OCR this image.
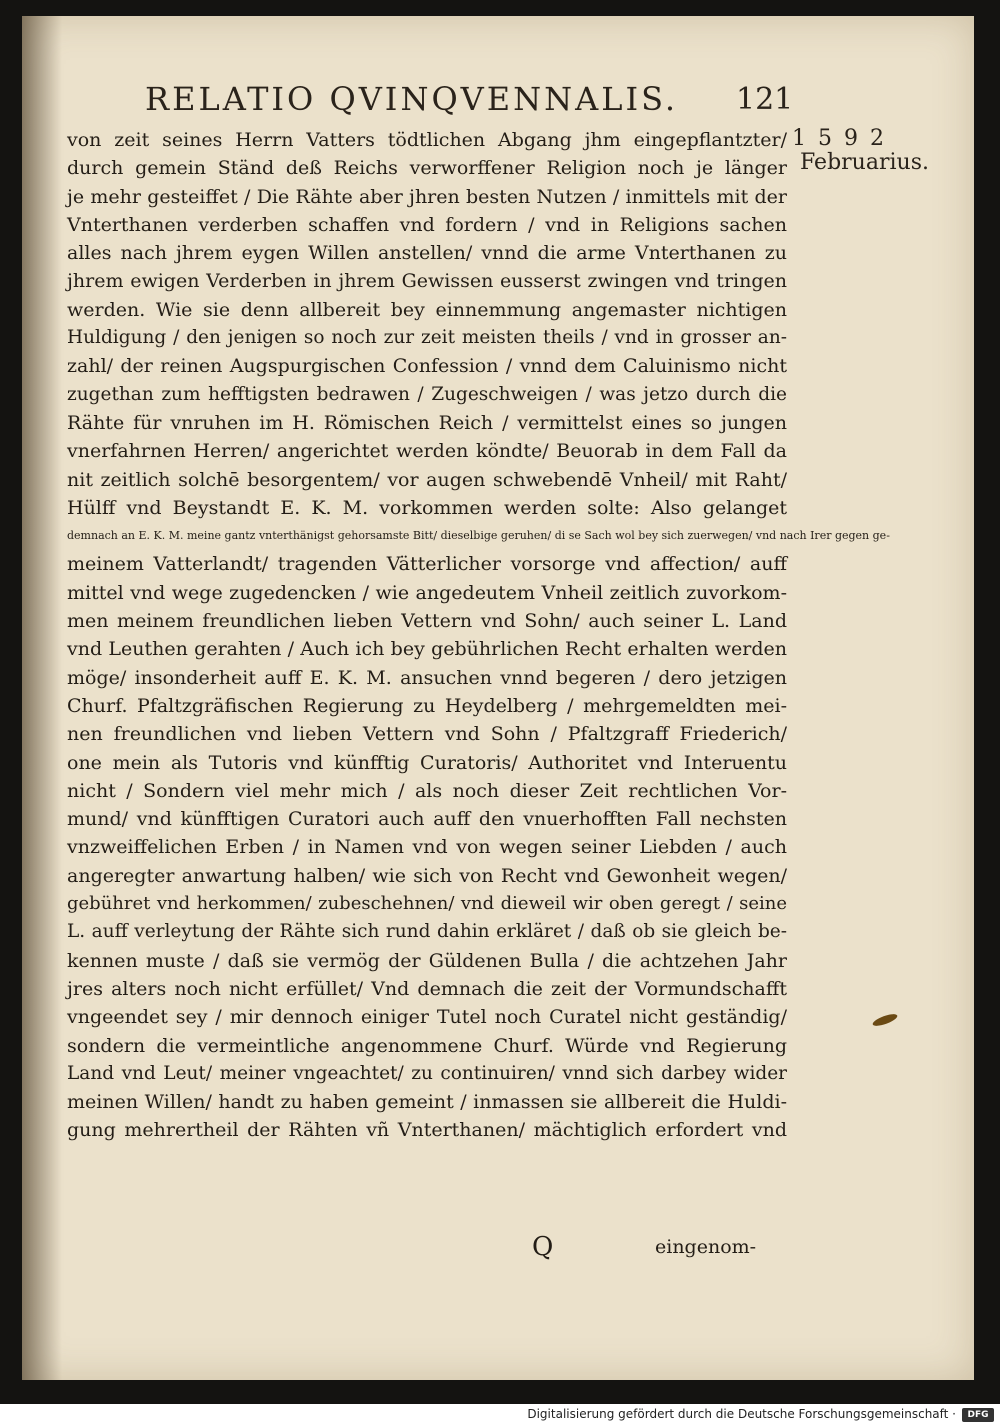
RELATIO QVINQVENNALIS. 121
1592
Februarius.
von zeit seines Herrn Vatters tödtlichen Abgang jhm eingepflantzter/
durch gemein Ständ deß Reichs verworffener Religion noch je länger
je mehr gesteiffet / Die Rähte aber jhren besten Nutzen / inmittels mit der
Vnterthanen verderben schaffen vnd fordern / vnd in Religions sachen
alles nach jhrem eygen Willen anstellen/ vnnd die arme Vnterthanen zu
jhrem ewigen Verderben in jhrem Gewissen eusserst zwingen vnd tringen
werden. Wie sie denn allbereit bey einnemmung angemaster nichtigen
Huldigung / den jenigen so noch zur zeit meisten theils / vnd in grosser an-
zahl/ der reinen Augspurgischen Confession / vnnd dem Caluinismo nicht
zugethan zum hefftigsten bedrawen / Zugeschweigen / was jetzo durch die
Rähte für vnruhen im H. Römischen Reich / vermittelst eines so jungen
vnerfahrnen Herren/ angerichtet werden köndte/ Beuorab in dem Fall da
nit zeitlich solchē besorgentem/ vor augen schwebendē Vnheil/ mit Raht/
Hülff vnd Beystandt E. K. M. vorkommen werden solte: Also gelanget
demnach an E. K. M. meine gantz vnterthänigst gehorsamste Bitt/ dieselbige geruhen/ di se Sach wol bey sich zuerwegen/ vnd nach Irer gegen ge-
meinem Vatterlandt/ tragenden Vätterlicher vorsorge vnd affection/ auff
mittel vnd wege zugedencken / wie angedeutem Vnheil zeitlich zuvorkom-
men meinem freundlichen lieben Vettern vnd Sohn/ auch seiner L. Land
vnd Leuthen gerahten / Auch ich bey gebührlichen Recht erhalten werden
möge/ insonderheit auff E. K. M. ansuchen vnnd begeren / dero jetzigen
Churf. Pfaltzgräfischen Regierung zu Heydelberg / mehrgemeldten mei-
nen freundlichen vnd lieben Vettern vnd Sohn / Pfaltzgraff Friederich/
one mein als Tutoris vnd künfftig Curatoris/ Authoritet vnd Interuentu
nicht / Sondern viel mehr mich / als noch dieser Zeit rechtlichen Vor-
mund/ vnd künfftigen Curatori auch auff den vnuerhofften Fall nechsten
vnzweiffelichen Erben / in Namen vnd von wegen seiner Liebden / auch
angeregter anwartung halben/ wie sich von Recht vnd Gewonheit wegen/
gebühret vnd herkommen/ zubeschehnen/ vnd dieweil wir oben geregt / seine
L. auff verleytung der Rähte sich rund dahin erkläret / daß ob sie gleich be-
kennen muste / daß sie vermög der Güldenen Bulla / die achtzehen Jahr
jres alters noch nicht erfüllet/ Vnd demnach die zeit der Vormundschafft
vngeendet sey / mir dennoch einiger Tutel noch Curatel nicht geständig/
sondern die vermeintliche angenommene Churf. Würde vnd Regierung
Land vnd Leut/ meiner vngeachtet/ zu continuiren/ vnnd sich darbey wider
meinen Willen/ handt zu haben gemeint / inmassen sie allbereit die Huldi-
gung mehrertheil der Rähten vñ Vnterthanen/ mächtiglich erfordert vnd
Q	eingenom-
Digitalisierung gefördert durch die Deutsche Forschungsgemeinschaft ·	DFG
